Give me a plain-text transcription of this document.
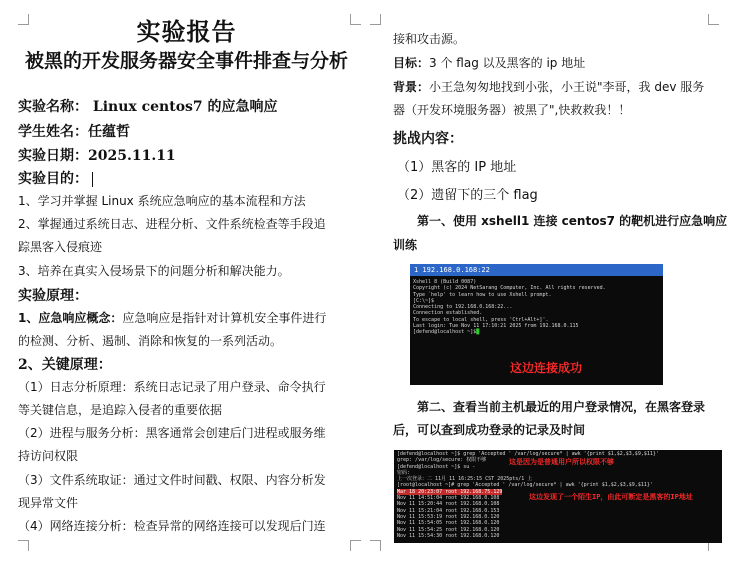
实验报告
被黑的开发服务器安全事件排查与分析
实验名称： Linux centos7 的应急响应
学生姓名：任蕴哲
实验日期：2025.11.11
实验目的：
1、学习并掌握 Linux 系统应急响应的基本流程和方法
2、掌握通过系统日志、进程分析、文件系统检查等手段追
踪黑客入侵痕迹
3、培养在真实入侵场景下的问题分析和解决能力。
实验原理：
1、应急响应概念：应急响应是指针对计算机安全事件进行
的检测、分析、遏制、消除和恢复的一系列活动。
2、关键原理：
（1）日志分析原理：系统日志记录了用户登录、命令执行
等关键信息，是追踪入侵者的重要依据
（2）进程与服务分析：黑客通常会创建后门进程或服务维
持访问权限
（3）文件系统取证：通过文件时间戳、权限、内容分析发
现异常文件
（4）网络连接分析：检查异常的网络连接可以发现后门连
接和攻击源。
目标：3 个 flag 以及黑客的 ip 地址
背景：小王急匆匆地找到小张，小王说"李哥，我 dev 服务
器（开发环境服务器）被黑了",快救救我！！
挑战内容：
（1）黑客的 IP 地址
（2）遗留下的三个 flag
第一、使用 xshell1 连接 centos7 的靶机进行应急响应
训练
1 192.168.0.168:22
Xshell 8 (Build 0087)
Copyright (c) 2024 NetSarang Computer, Inc. All rights reserved.
Type `help' to learn how to use Xshell prompt.
[C:\~]$
Connecting to 192.168.0.168:22...
Connection established.
To escape to local shell, press 'Ctrl+Alt+]'.
Last login: Tue Nov 11 17:10:21 2025 from 192.168.0.115
[defend@localhost ~]$█
这边连接成功
第二、查看当前主机最近的用户登录情况，在黑客登录
后，可以查到成功登录的记录及时间
[defend@localhost ~]$ grep 'Accepted ' /var/log/secure* | awk '{print $1,$2,$3,$9,$11}'
grep: /var/log/secure: 权限不够
[defend@localhost ~]$ su -
密码:
上一次登录：二 11月 11 16:25:15 CST 2025pts/1 上
[root@localhost ~]# grep 'Accepted ' /var/log/secure* | awk '{print $1,$2,$3,$9,$11}'
Mar 18 20:23:07 root 192.168.75.129
Nov 11 14:51:04 root 192.168.0.108
Nov 11 15:20:44 root 192.168.0.108
Nov 11 15:21:04 root 192.168.0.153
Nov 11 15:53:19 root 192.168.0.120
Nov 11 15:54:05 root 192.168.0.120
Nov 11 15:54:25 root 192.168.0.120
Nov 11 15:54:30 root 192.168.0.120
这是因为是普通用户所以权限不够
这边发现了一个陌生IP，由此可断定是黑客的IP地址
